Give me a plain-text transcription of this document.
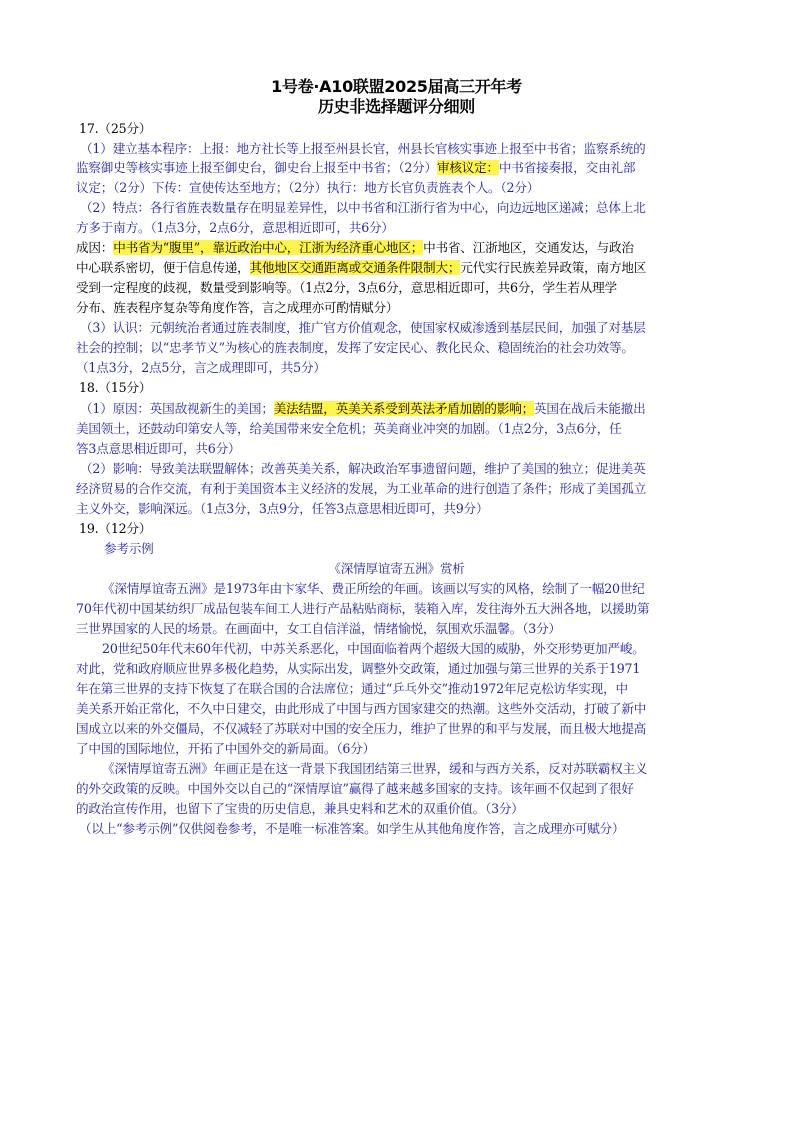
1号卷·A10联盟2025届高三开年考
历史非选择题评分细则
17.（25分）
（1）建立基本程序：上报：地方社长等上报至州县长官，州县长官核实事迹上报至中书省；监察系统的
监察御史等核实事迹上报至御史台，御史台上报至中书省；（2分）审核议定：中书省接奏报，交由礼部
议定；（2分）下传：宣使传达至地方；（2分）执行：地方长官负责旌表个人。（2分）
（2）特点：各行省旌表数量存在明显差异性，以中书省和江浙行省为中心，向边远地区递减；总体上北
方多于南方。（1点3分，2点6分，意思相近即可，共6分）
成因：中书省为“腹里”，靠近政治中心，江浙为经济重心地区；中书省、江浙地区，交通发达，与政治
中心联系密切，便于信息传递，其他地区交通距离或交通条件限制大；元代实行民族差异政策，南方地区
受到一定程度的歧视，数量受到影响等。（1点2分，3点6分，意思相近即可，共6分，学生若从理学
分布、旌表程序复杂等角度作答，言之成理亦可酌情赋分）
（3）认识：元朝统治者通过旌表制度，推广官方价值观念，使国家权威渗透到基层民间，加强了对基层
社会的控制；以“忠孝节义”为核心的旌表制度，发挥了安定民心、教化民众、稳固统治的社会功效等。
（1点3分，2点5分，言之成理即可，共5分）
18.（15分）
（1）原因：英国敌视新生的美国；美法结盟，英美关系受到英法矛盾加剧的影响；英国在战后未能撤出
美国领土，还鼓动印第安人等，给美国带来安全危机；英美商业冲突的加剧。（1点2分，3点6分，任
答3点意思相近即可，共6分）
（2）影响：导致美法联盟解体；改善英美关系，解决政治军事遗留问题，维护了美国的独立；促进美英
经济贸易的合作交流，有利于美国资本主义经济的发展，为工业革命的进行创造了条件；形成了美国孤立
主义外交，影响深远。（1点3分，3点9分，任答3点意思相近即可，共9分）
19.（12分）
参考示例
《深情厚谊寄五洲》赏析
《深情厚谊寄五洲》是1973年由卞家华、费正所绘的年画。该画以写实的风格，绘制了一幅20世纪
70年代初中国某纺织厂成品包装车间工人进行产品粘贴商标，装箱入库，发往海外五大洲各地，以援助第
三世界国家的人民的场景。在画面中，女工自信洋溢，情绪愉悦，氛围欢乐温馨。（3分）
20世纪50年代末60年代初，中苏关系恶化，中国面临着两个超级大国的威胁，外交形势更加严峻。
对此，党和政府顺应世界多极化趋势，从实际出发，调整外交政策，通过加强与第三世界的关系于1971
年在第三世界的支持下恢复了在联合国的合法席位；通过“乒乓外交”推动1972年尼克松访华实现，中
美关系开始正常化，不久中日建交，由此形成了中国与西方国家建交的热潮。这些外交活动，打破了新中
国成立以来的外交僵局，不仅减轻了苏联对中国的安全压力，维护了世界的和平与发展，而且极大地提高
了中国的国际地位，开拓了中国外交的新局面。（6分）
《深情厚谊寄五洲》年画正是在这一背景下我国团结第三世界，缓和与西方关系，反对苏联霸权主义
的外交政策的反映。中国外交以自己的“深情厚谊”赢得了越来越多国家的支持。该年画不仅起到了很好
的政治宣传作用，也留下了宝贵的历史信息，兼具史料和艺术的双重价值。（3分）
（以上“参考示例”仅供阅卷参考，不是唯一标准答案。如学生从其他角度作答，言之成理亦可赋分）
